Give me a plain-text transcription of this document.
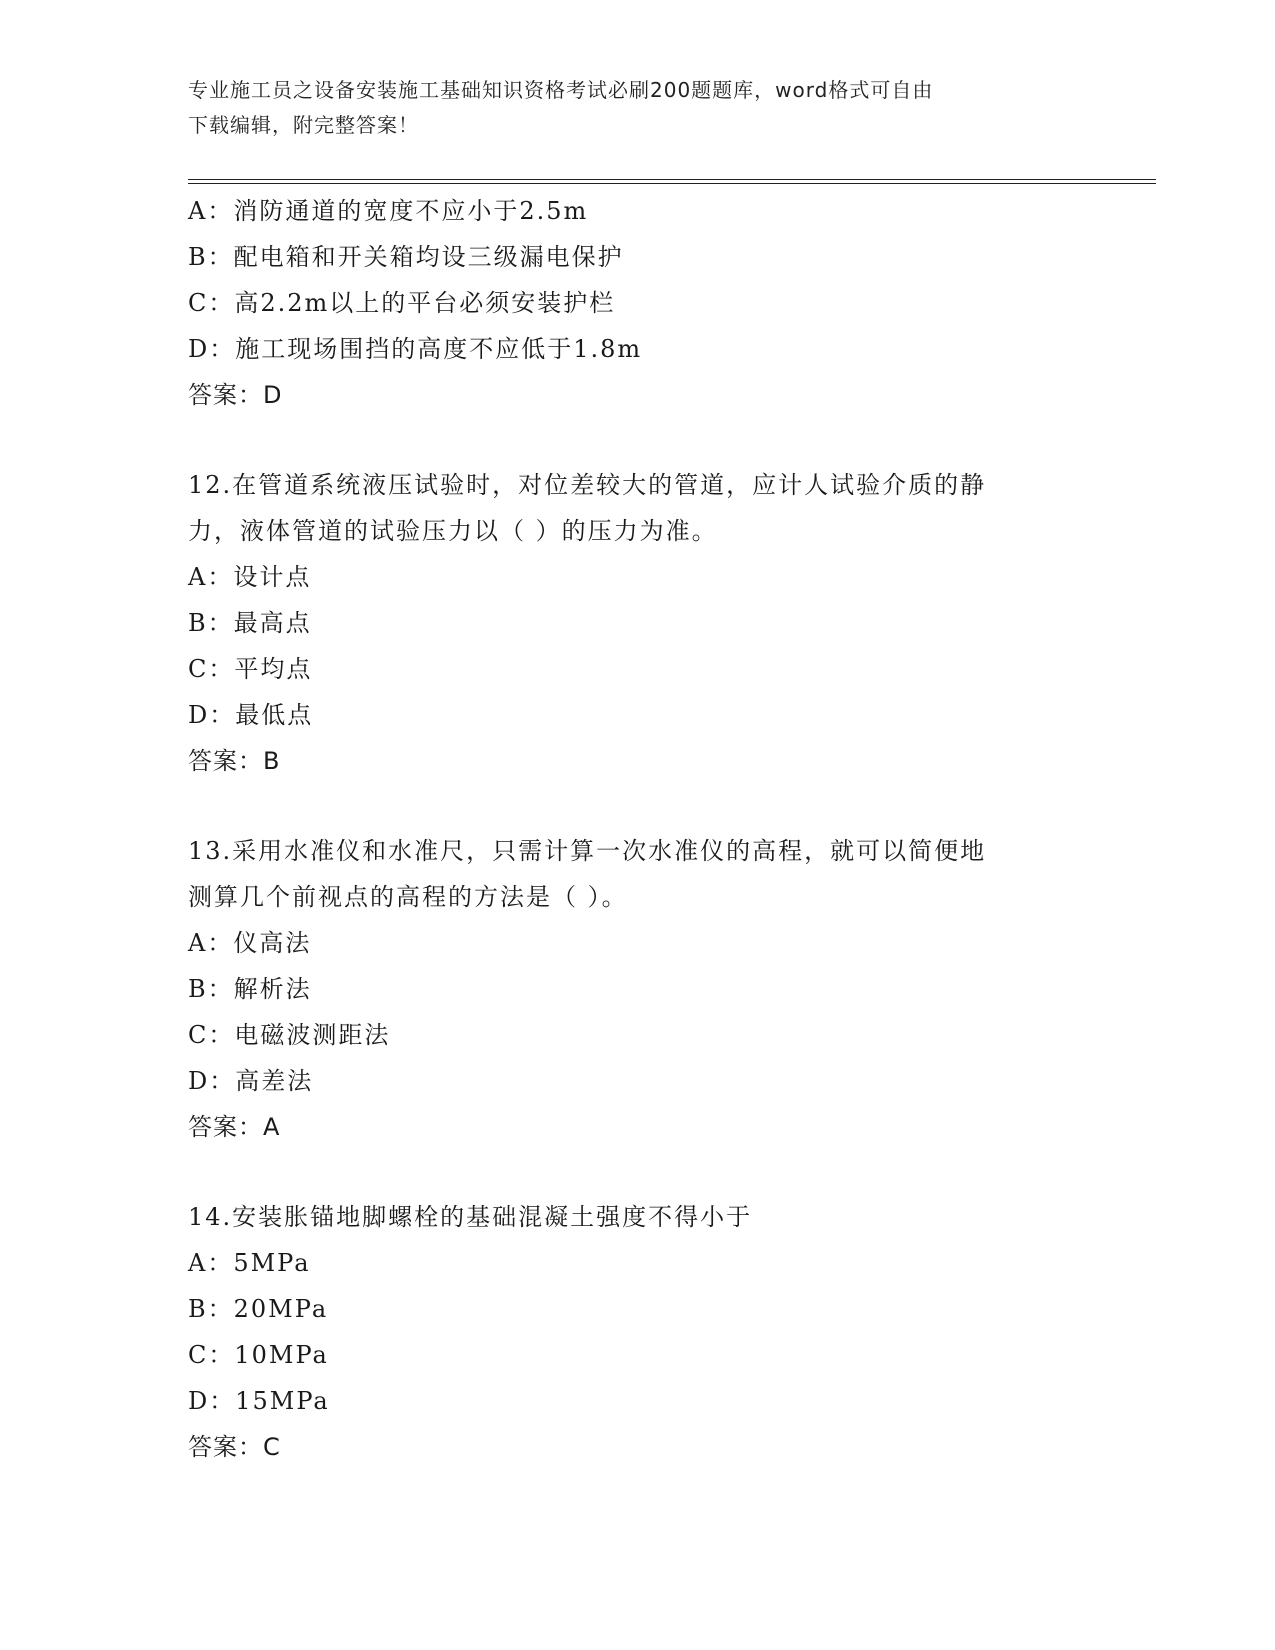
专业施工员之设备安装施工基础知识资格考试必刷200题题库，word格式可自由
下载编辑，附完整答案！
A：消防通道的宽度不应小于2.5m
B：配电箱和开关箱均设三级漏电保护
C：高2.2m以上的平台必须安装护栏
D：施工现场围挡的高度不应低于1.8m
答案：D
12.在管道系统液压试验时，对位差较大的管道，应计人试验介质的静
力，液体管道的试验压力以（ ）的压力为准。
A：设计点
B：最高点
C：平均点
D：最低点
答案：B
13.采用水准仪和水准尺，只需计算一次水准仪的高程，就可以简便地
测算几个前视点的高程的方法是（ ）。
A：仪高法
B：解析法
C：电磁波测距法
D：高差法
答案：A
14.安装胀锚地脚螺栓的基础混凝土强度不得小于
A：5MPa
B：20MPa
C：10MPa
D：15MPa
答案：C
